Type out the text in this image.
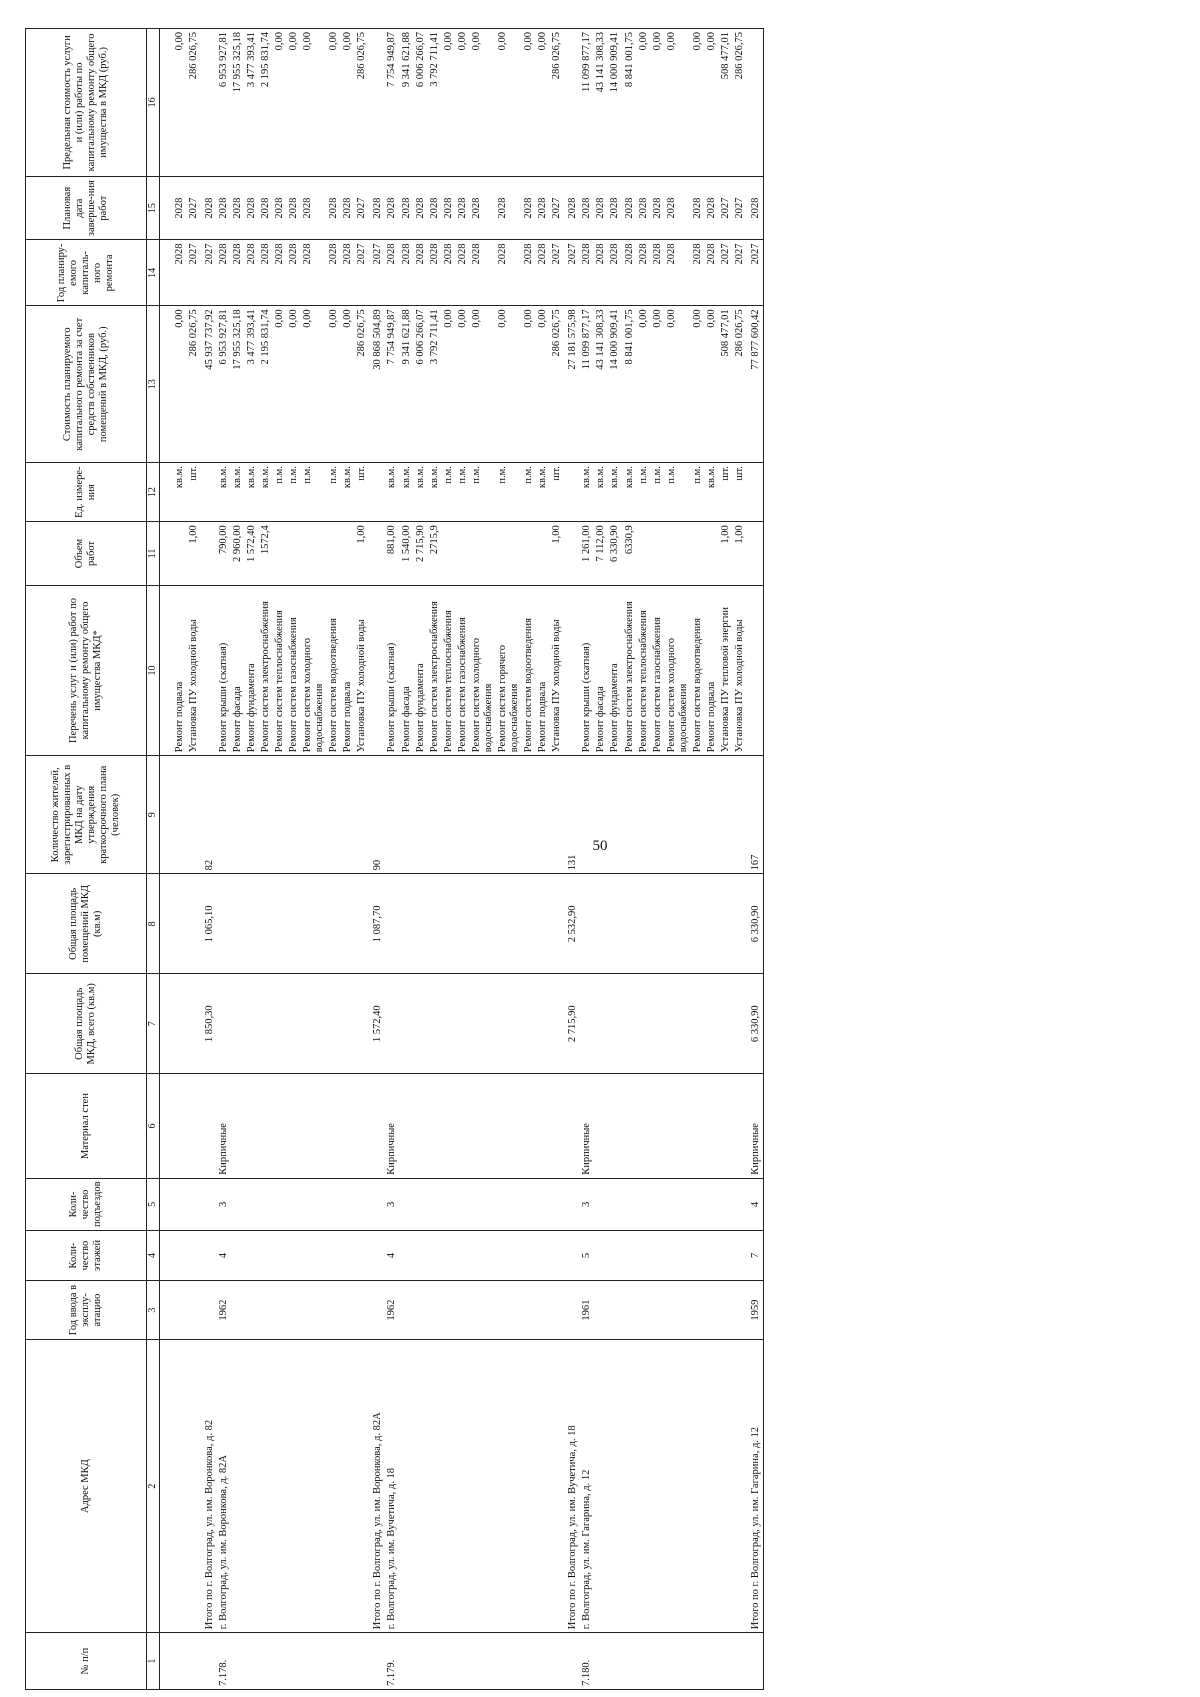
50
№ п/п	Адрес МКД	Год ввода в эксплу-атацию	Коли-чество этажей	Коли-чество подъездов	Материал стен	Общая площадь МКД, всего (кв.м)	Общая площадь помещений МКД (кв.м)	Количество жителей, зарегистрированных в МКД на дату утверждения краткосрочного плана (человек)	Перечень услуг и (или) работ по капитальному ремонту общего имущества МКД*	Объем работ	Ед. измере-ния	Стоимость планируемого капитального ремонта за счет средств собственников помещений в МКД, (руб.)	Год планиру-емого капиталь-ного ремонта	Плановая дата заверше-ния работ	Предельная стоимость услуги и (или) работы по капитальному ремонту общего имущества в МКД (руб.)
1	2	3	4	5	6	7	8	9	10	11	12	13	14	15	16

									Ремонт подвала		кв.м.	0,00	2028	2028	0,00

									Установка ПУ холодной воды	1,00	шт.	286 026,75	2027	2027	286 026,75

	Итого по г. Волгоград, ул. им. Воронкова, д. 82					1 850,30	1 065,10	82				45 937 737,92	2027	2028	

7.178.	г. Волгоград, ул. им. Воронкова, д. 82А	1962	4	3	Кирпичные				Ремонт крыши (скатная)	790,00	кв.м.	6 953 927,81	2028	2028	6 953 927,81

									Ремонт фасада	2 960,00	кв.м.	17 955 325,18	2028	2028	17 955 325,18

									Ремонт фундамента	1 572,40	кв.м.	3 477 393,41	2028	2028	3 477 393,41

									Ремонт систем электроснабжения	1572,4	кв.м.	2 195 831,74	2028	2028	2 195 831,74

									Ремонт систем теплоснабжения		п.м.	0,00	2028	2028	0,00

									Ремонт систем газоснабжения		п.м.	0,00	2028	2028	0,00

									Ремонт систем холодного водоснабжения		п.м.	0,00	2028	2028	0,00

									Ремонт систем водоотведения		п.м.	0,00	2028	2028	0,00

									Ремонт подвала		кв.м.	0,00	2028	2028	0,00

									Установка ПУ холодной воды	1,00	шт.	286 026,75	2027	2027	286 026,75

	Итого по г. Волгоград, ул. им. Воронкова, д. 82А					1 572,40	1 087,70	90				30 868 504,89	2027	2028	

7.179.	г. Волгоград, ул. им. Вучетича, д. 18	1962	4	3	Кирпичные				Ремонт крыши (скатная)	881,00	кв.м.	7 754 949,87	2028	2028	7 754 949,87

									Ремонт фасада	1 540,00	кв.м.	9 341 621,88	2028	2028	9 341 621,88

									Ремонт фундамента	2 715,90	кв.м.	6 006 266,07	2028	2028	6 006 266,07

									Ремонт систем электроснабжения	2715,9	кв.м.	3 792 711,41	2028	2028	3 792 711,41

									Ремонт систем теплоснабжения		п.м.	0,00	2028	2028	0,00

									Ремонт систем газоснабжения		п.м.	0,00	2028	2028	0,00

									Ремонт систем холодного водоснабжения		п.м.	0,00	2028	2028	0,00

									Ремонт систем горячего водоснабжения		п.м.	0,00	2028	2028	0,00

									Ремонт систем водоотведения		п.м.	0,00	2028	2028	0,00

									Ремонт подвала		кв.м.	0,00	2028	2028	0,00

									Установка ПУ холодной воды	1,00	шт.	286 026,75	2027	2027	286 026,75

	Итого по г. Волгоград, ул. им. Вучетича, д. 18					2 715,90	2 532,90	131				27 181 575,98	2027	2028	

7.180.	г. Волгоград, ул. им. Гагарина, д. 12	1961	5	3	Кирпичные				Ремонт крыши (скатная)	1 261,00	кв.м.	11 099 877,17	2028	2028	11 099 877,17

									Ремонт фасада	7 112,00	кв.м.	43 141 308,33	2028	2028	43 141 308,33

									Ремонт фундамента	6 330,90	кв.м.	14 000 909,41	2028	2028	14 000 909,41

									Ремонт систем электроснабжения	6330,9	кв.м.	8 841 001,75	2028	2028	8 841 001,75

									Ремонт систем теплоснабжения		п.м.	0,00	2028	2028	0,00

									Ремонт систем газоснабжения		п.м.	0,00	2028	2028	0,00

									Ремонт систем холодного водоснабжения		п.м.	0,00	2028	2028	0,00

									Ремонт систем водоотведения		п.м.	0,00	2028	2028	0,00

									Ремонт подвала		кв.м.	0,00	2028	2028	0,00

									Установка ПУ тепловой энергии	1,00	шт.	508 477,01	2027	2027	508 477,01

									Установка ПУ холодной воды	1,00	шт.	286 026,75	2027	2027	286 026,75

	Итого по г. Волгоград, ул. им. Гагарина, д. 12	1959	7	4	Кирпичные	6 330,90	6 330,90	167				77 877 600,42	2027	2028	
